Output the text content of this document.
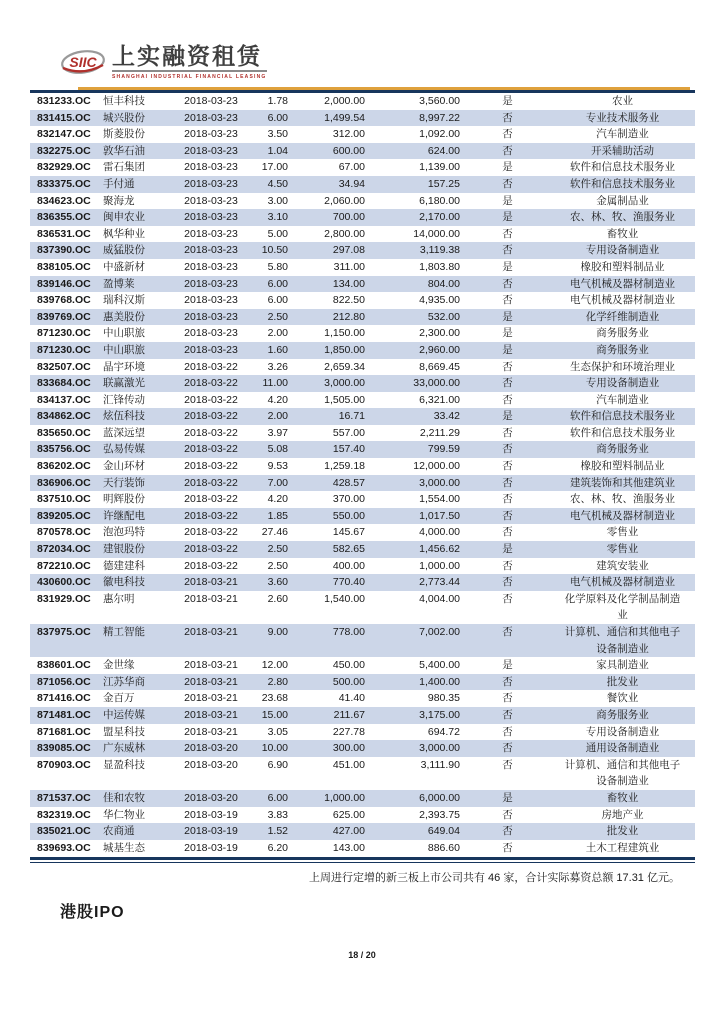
SIIC 上实融资租赁
SHANGHAI INDUSTRIAL FINANCIAL LEASING
831233.OC	恒丰科技	2018-03-23	1.78	2,000.00	3,560.00	是	农业
831415.OC	城兴股份	2018-03-23	6.00	1,499.54	8,997.22	否	专业技术服务业
832147.OC	斯菱股份	2018-03-23	3.50	312.00	1,092.00	否	汽车制造业
832275.OC	敦华石油	2018-03-23	1.04	600.00	624.00	否	开采辅助活动
832929.OC	雷石集团	2018-03-23	17.00	67.00	1,139.00	是	软件和信息技术服务业
833375.OC	手付通	2018-03-23	4.50	34.94	157.25	否	软件和信息技术服务业
834623.OC	聚海龙	2018-03-23	3.00	2,060.00	6,180.00	是	金属制品业
836355.OC	闽申农业	2018-03-23	3.10	700.00	2,170.00	是	农、林、牧、渔服务业
836531.OC	枫华种业	2018-03-23	5.00	2,800.00	14,000.00	否	畜牧业
837390.OC	威猛股份	2018-03-23	10.50	297.08	3,119.38	否	专用设备制造业
838105.OC	中盛新材	2018-03-23	5.80	311.00	1,803.80	是	橡胶和塑料制品业
839146.OC	盈博莱	2018-03-23	6.00	134.00	804.00	否	电气机械及器材制造业
839768.OC	瑞科汉斯	2018-03-23	6.00	822.50	4,935.00	否	电气机械及器材制造业
839769.OC	惠美股份	2018-03-23	2.50	212.80	532.00	是	化学纤维制造业
871230.OC	中山职旅	2018-03-23	2.00	1,150.00	2,300.00	是	商务服务业
871230.OC	中山职旅	2018-03-23	1.60	1,850.00	2,960.00	是	商务服务业
832507.OC	晶宇环境	2018-03-22	3.26	2,659.34	8,669.45	否	生态保护和环境治理业
833684.OC	联赢激光	2018-03-22	11.00	3,000.00	33,000.00	否	专用设备制造业
834137.OC	汇锋传动	2018-03-22	4.20	1,505.00	6,321.00	否	汽车制造业
834862.OC	炫伍科技	2018-03-22	2.00	16.71	33.42	是	软件和信息技术服务业
835650.OC	蓝深远望	2018-03-22	3.97	557.00	2,211.29	否	软件和信息技术服务业
835756.OC	弘易传媒	2018-03-22	5.08	157.40	799.59	否	商务服务业
836202.OC	金山环材	2018-03-22	9.53	1,259.18	12,000.00	否	橡胶和塑料制品业
836906.OC	天行装饰	2018-03-22	7.00	428.57	3,000.00	否	建筑装饰和其他建筑业
837510.OC	明辉股份	2018-03-22	4.20	370.00	1,554.00	否	农、林、牧、渔服务业
839205.OC	许继配电	2018-03-22	1.85	550.00	1,017.50	否	电气机械及器材制造业
870578.OC	泡泡玛特	2018-03-22	27.46	145.67	4,000.00	否	零售业
872034.OC	建银股份	2018-03-22	2.50	582.65	1,456.62	是	零售业
872210.OC	德建建科	2018-03-22	2.50	400.00	1,000.00	否	建筑安装业
430600.OC	徽电科技	2018-03-21	3.60	770.40	2,773.44	否	电气机械及器材制造业
831929.OC	惠尔明	2018-03-21	2.60	1,540.00	4,004.00	否	化学原料及化学制品制造业
837975.OC	精工智能	2018-03-21	9.00	778.00	7,002.00	否	计算机、通信和其他电子设备制造业
838601.OC	金世缘	2018-03-21	12.00	450.00	5,400.00	是	家具制造业
871056.OC	江苏华商	2018-03-21	2.80	500.00	1,400.00	否	批发业
871416.OC	金百万	2018-03-21	23.68	41.40	980.35	否	餐饮业
871481.OC	中运传媒	2018-03-21	15.00	211.67	3,175.00	否	商务服务业
871681.OC	盟星科技	2018-03-21	3.05	227.78	694.72	否	专用设备制造业
839085.OC	广东威林	2018-03-20	10.00	300.00	3,000.00	否	通用设备制造业
870903.OC	显盈科技	2018-03-20	6.90	451.00	3,111.90	否	计算机、通信和其他电子设备制造业
871537.OC	佳和农牧	2018-03-20	6.00	1,000.00	6,000.00	是	畜牧业
832319.OC	华仁物业	2018-03-19	3.83	625.00	2,393.75	否	房地产业
835021.OC	农商通	2018-03-19	1.52	427.00	649.04	否	批发业
839693.OC	城基生态	2018-03-19	6.20	143.00	886.60	否	土木工程建筑业

上周进行定增的新三板上市公司共有 46 家，合计实际募资总额 17.31 亿元。

港股IPO
18 / 20
